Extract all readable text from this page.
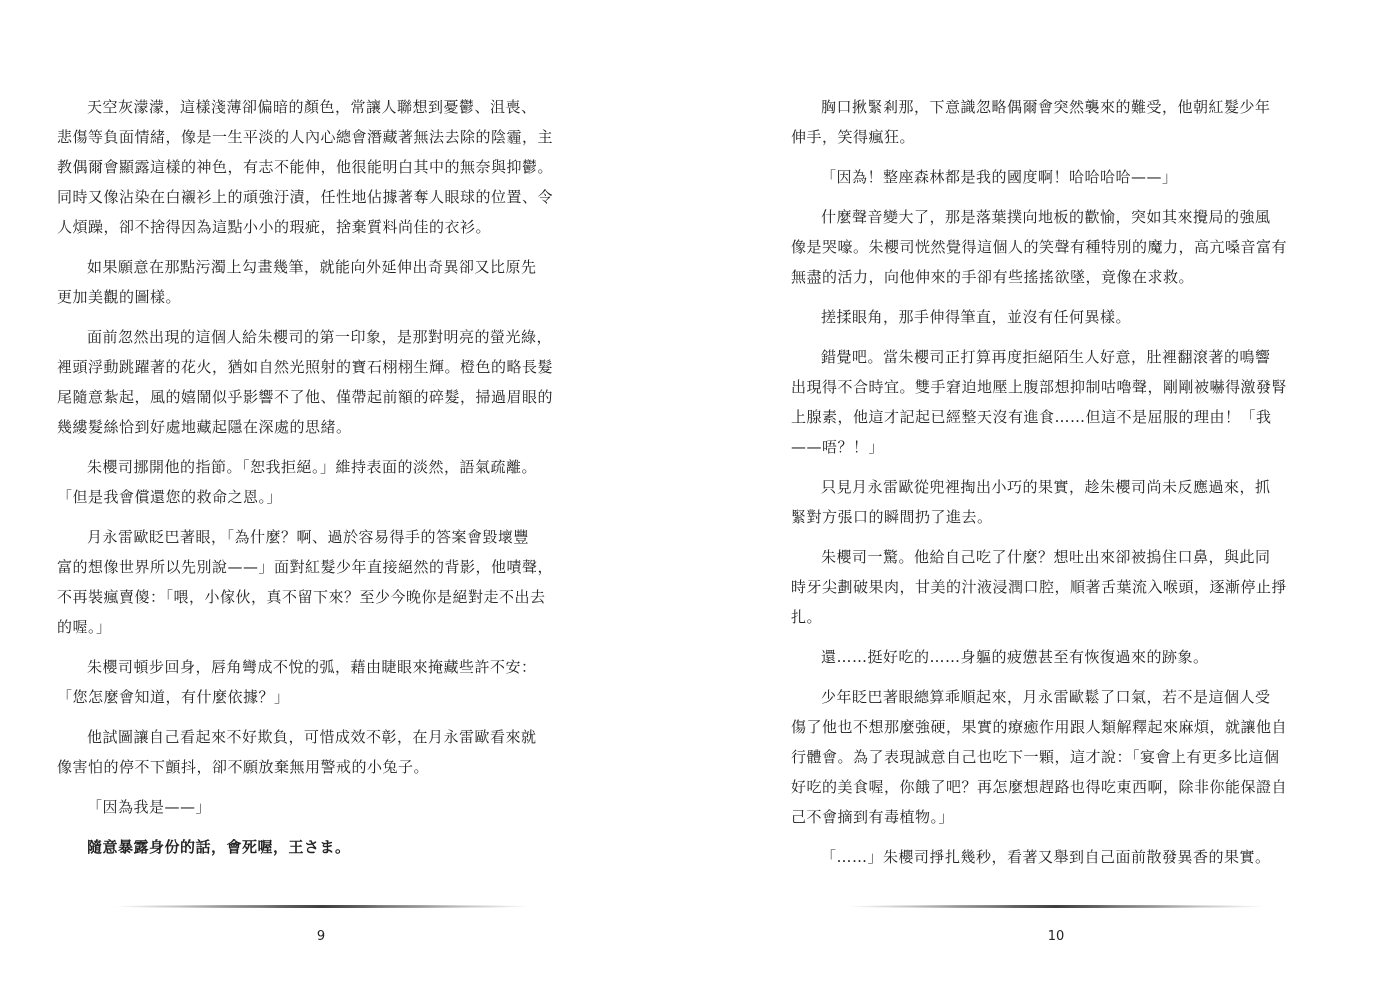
天空灰濛濛，這樣淺薄卻偏暗的顏色，常讓人聯想到憂鬱、沮喪、
悲傷等負面情緒，像是一生平淡的人內心總會潛藏著無法去除的陰霾，主
教偶爾會顯露這樣的神色，有志不能伸，他很能明白其中的無奈與抑鬱。
同時又像沾染在白襯衫上的頑強汙漬，任性地佔據著奪人眼球的位置、令
人煩躁，卻不捨得因為這點小小的瑕疵，捨棄質料尚佳的衣衫。

如果願意在那點污濁上勾畫幾筆，就能向外延伸出奇異卻又比原先
更加美觀的圖樣。

面前忽然出現的這個人給朱櫻司的第一印象，是那對明亮的螢光綠，
裡頭浮動跳躍著的花火，猶如自然光照射的寶石栩栩生輝。橙色的略長髮
尾隨意紮起，風的嬉鬧似乎影響不了他、僅帶起前額的碎髮，掃過眉眼的
幾縷髮絲恰到好處地藏起隱在深處的思緒。

朱櫻司挪開他的指節。「恕我拒絕。」維持表面的淡然，語氣疏離。
「但是我會償還您的救命之恩。」

月永雷歐眨巴著眼，「為什麼？啊、過於容易得手的答案會毀壞豐
富的想像世界所以先別說——」面對紅髮少年直接絕然的背影，他嘖聲，
不再裝瘋賣傻：「喂，小傢伙，真不留下來？至少今晚你是絕對走不出去
的喔。」

朱櫻司頓步回身，唇角彎成不悅的弧，藉由睫眼來掩藏些許不安：
「您怎麼會知道，有什麼依據？」

他試圖讓自己看起來不好欺負，可惜成效不彰，在月永雷歐看來就
像害怕的停不下顫抖，卻不願放棄無用警戒的小兔子。

「因為我是——」

隨意暴露身份的話，會死喔，王さま。

9

胸口揪緊剎那，下意識忽略偶爾會突然襲來的難受，他朝紅髮少年
伸手，笑得瘋狂。

「因為！整座森林都是我的國度啊！哈哈哈哈——」

什麼聲音變大了，那是落葉撲向地板的歡愉，突如其來攪局的強風
像是哭嚎。朱櫻司恍然覺得這個人的笑聲有種特別的魔力，高亢嗓音富有
無盡的活力，向他伸來的手卻有些搖搖欲墜，竟像在求救。

搓揉眼角，那手伸得筆直，並沒有任何異樣。

錯覺吧。當朱櫻司正打算再度拒絕陌生人好意，肚裡翻滾著的鳴響
出現得不合時宜。雙手窘迫地壓上腹部想抑制咕嚕聲，剛剛被嚇得激發腎
上腺素，他這才記起已經整天沒有進食……但這不是屈服的理由！「我
——唔？！」

只見月永雷歐從兜裡掏出小巧的果實，趁朱櫻司尚未反應過來，抓
緊對方張口的瞬間扔了進去。

朱櫻司一驚。他給自己吃了什麼？想吐出來卻被摀住口鼻，與此同
時牙尖劃破果肉，甘美的汁液浸潤口腔，順著舌葉流入喉頭，逐漸停止掙
扎。

還……挺好吃的……身軀的疲憊甚至有恢復過來的跡象。

少年眨巴著眼總算乖順起來，月永雷歐鬆了口氣，若不是這個人受
傷了他也不想那麼強硬，果實的療癒作用跟人類解釋起來麻煩，就讓他自
行體會。為了表現誠意自己也吃下一顆，這才說：「宴會上有更多比這個
好吃的美食喔，你餓了吧？再怎麼想趕路也得吃東西啊，除非你能保證自
己不會摘到有毒植物。」

「……」朱櫻司掙扎幾秒，看著又舉到自己面前散發異香的果實。

10
